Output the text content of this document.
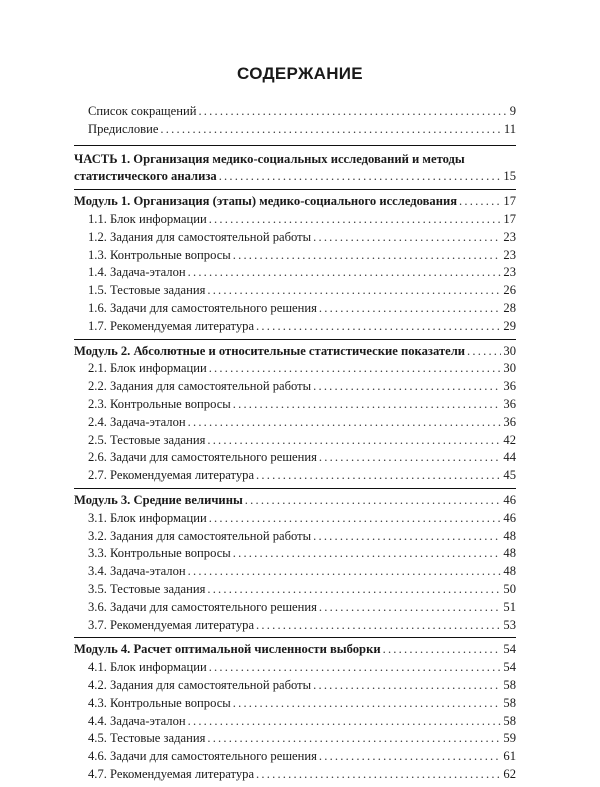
СОДЕРЖАНИЕ
Список сокращений .....	9
Предисловие .....	11
ЧАСТЬ 1. Организация медико-социальных исследований и методы
статистического анализа .....	15
Модуль 1. Организация (этапы) медико-социального исследования .....	17
1.1. Блок информации .....	17
1.2. Задания для самостоятельной работы .....	23
1.3. Контрольные вопросы .....	23
1.4. Задача-эталон .....	23
1.5. Тестовые задания .....	26
1.6. Задачи для самостоятельного решения .....	28
1.7. Рекомендуемая литература .....	29
Модуль 2. Абсолютные и относительные статистические показатели .....	30
2.1. Блок информации .....	30
2.2. Задания для самостоятельной работы .....	36
2.3. Контрольные вопросы .....	36
2.4. Задача-эталон .....	36
2.5. Тестовые задания .....	42
2.6. Задачи для самостоятельного решения .....	44
2.7. Рекомендуемая литература .....	45
Модуль 3. Средние величины .....	46
3.1. Блок информации .....	46
3.2. Задания для самостоятельной работы .....	48
3.3. Контрольные вопросы .....	48
3.4. Задача-эталон .....	48
3.5. Тестовые задания .....	50
3.6. Задачи для самостоятельного решения .....	51
3.7. Рекомендуемая литература .....	53
Модуль 4. Расчет оптимальной численности выборки .....	54
4.1. Блок информации .....	54
4.2. Задания для самостоятельной работы .....	58
4.3. Контрольные вопросы .....	58
4.4. Задача-эталон .....	58
4.5. Тестовые задания .....	59
4.6. Задачи для самостоятельного решения .....	61
4.7. Рекомендуемая литература .....	62
